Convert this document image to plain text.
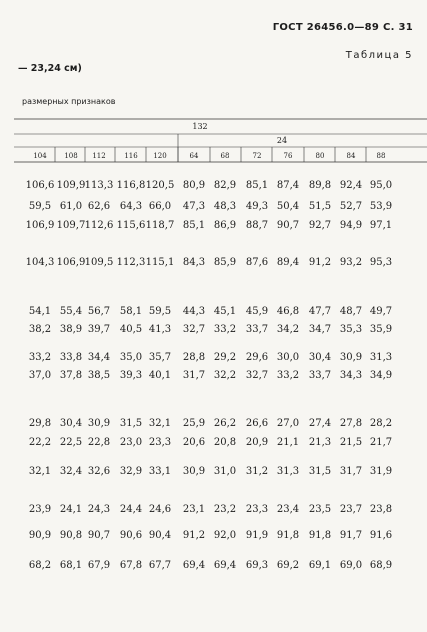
ГОСТ 26456.0—89 С. 31
Таблица 5
— 23,24 см)
размерных признаков
132
24
104	108	112	116	120	64	68	72	76	80	84	88
106,6 109,9 113,3 116,8 120,5 80,9 82,9 85,1 87,4 89,8 92,4 95,0
59,5 61,0 62,6 64,3 66,0	47,3 48,3 49,3 50,4 51,5 52,7 53,9
106,9 109,7 112,6 115,6 118,7 85,1 86,9 88,7 90,7 92,7 94,9 97,1
104,3 106,9 109,5 112,3 115,1 84,3 85,9 87,6 89,4 91,2 93,2 95,3
54,1 55,4 56,7 58,1 59,5	44,3 45,1 45,9 46,8 47,7 48,7 49,7
38,2 38,9 39,7 40,5 41,3	32,7 33,2 33,7 34,2 34,7 35,3 35,9
33,2 33,8 34,4 35,0 35,7	28,8 29,2 29,6 30,0 30,4 30,9 31,3
37,0 37,8 38,5 39,3 40,1	31,7 32,2 32,7 33,2 33,7 34,3 34,9
29,8 30,4 30,9 31,5 32,1	25,9 26,2 26,6 27,0 27,4 27,8 28,2
22,2 22,5 22,8 23,0 23,3	20,6 20,8 20,9 21,1 21,3 21,5 21,7
32,1 32,4 32,6 32,9 33,1	30,9 31,0 31,2 31,3 31,5 31,7 31,9
23,9 24,1 24,3 24,4 24,6	23,1 23,2 23,3 23,4 23,5 23,7 23,8
90,9 90,8 90,7 90,6 90,4	91,2 92,0 91,9 91,8 91,8 91,7 91,6
68,2 68,1 67,9 67,8 67,7	69,4 69,4 69,3 69,2 69,1 69,0 68,9
